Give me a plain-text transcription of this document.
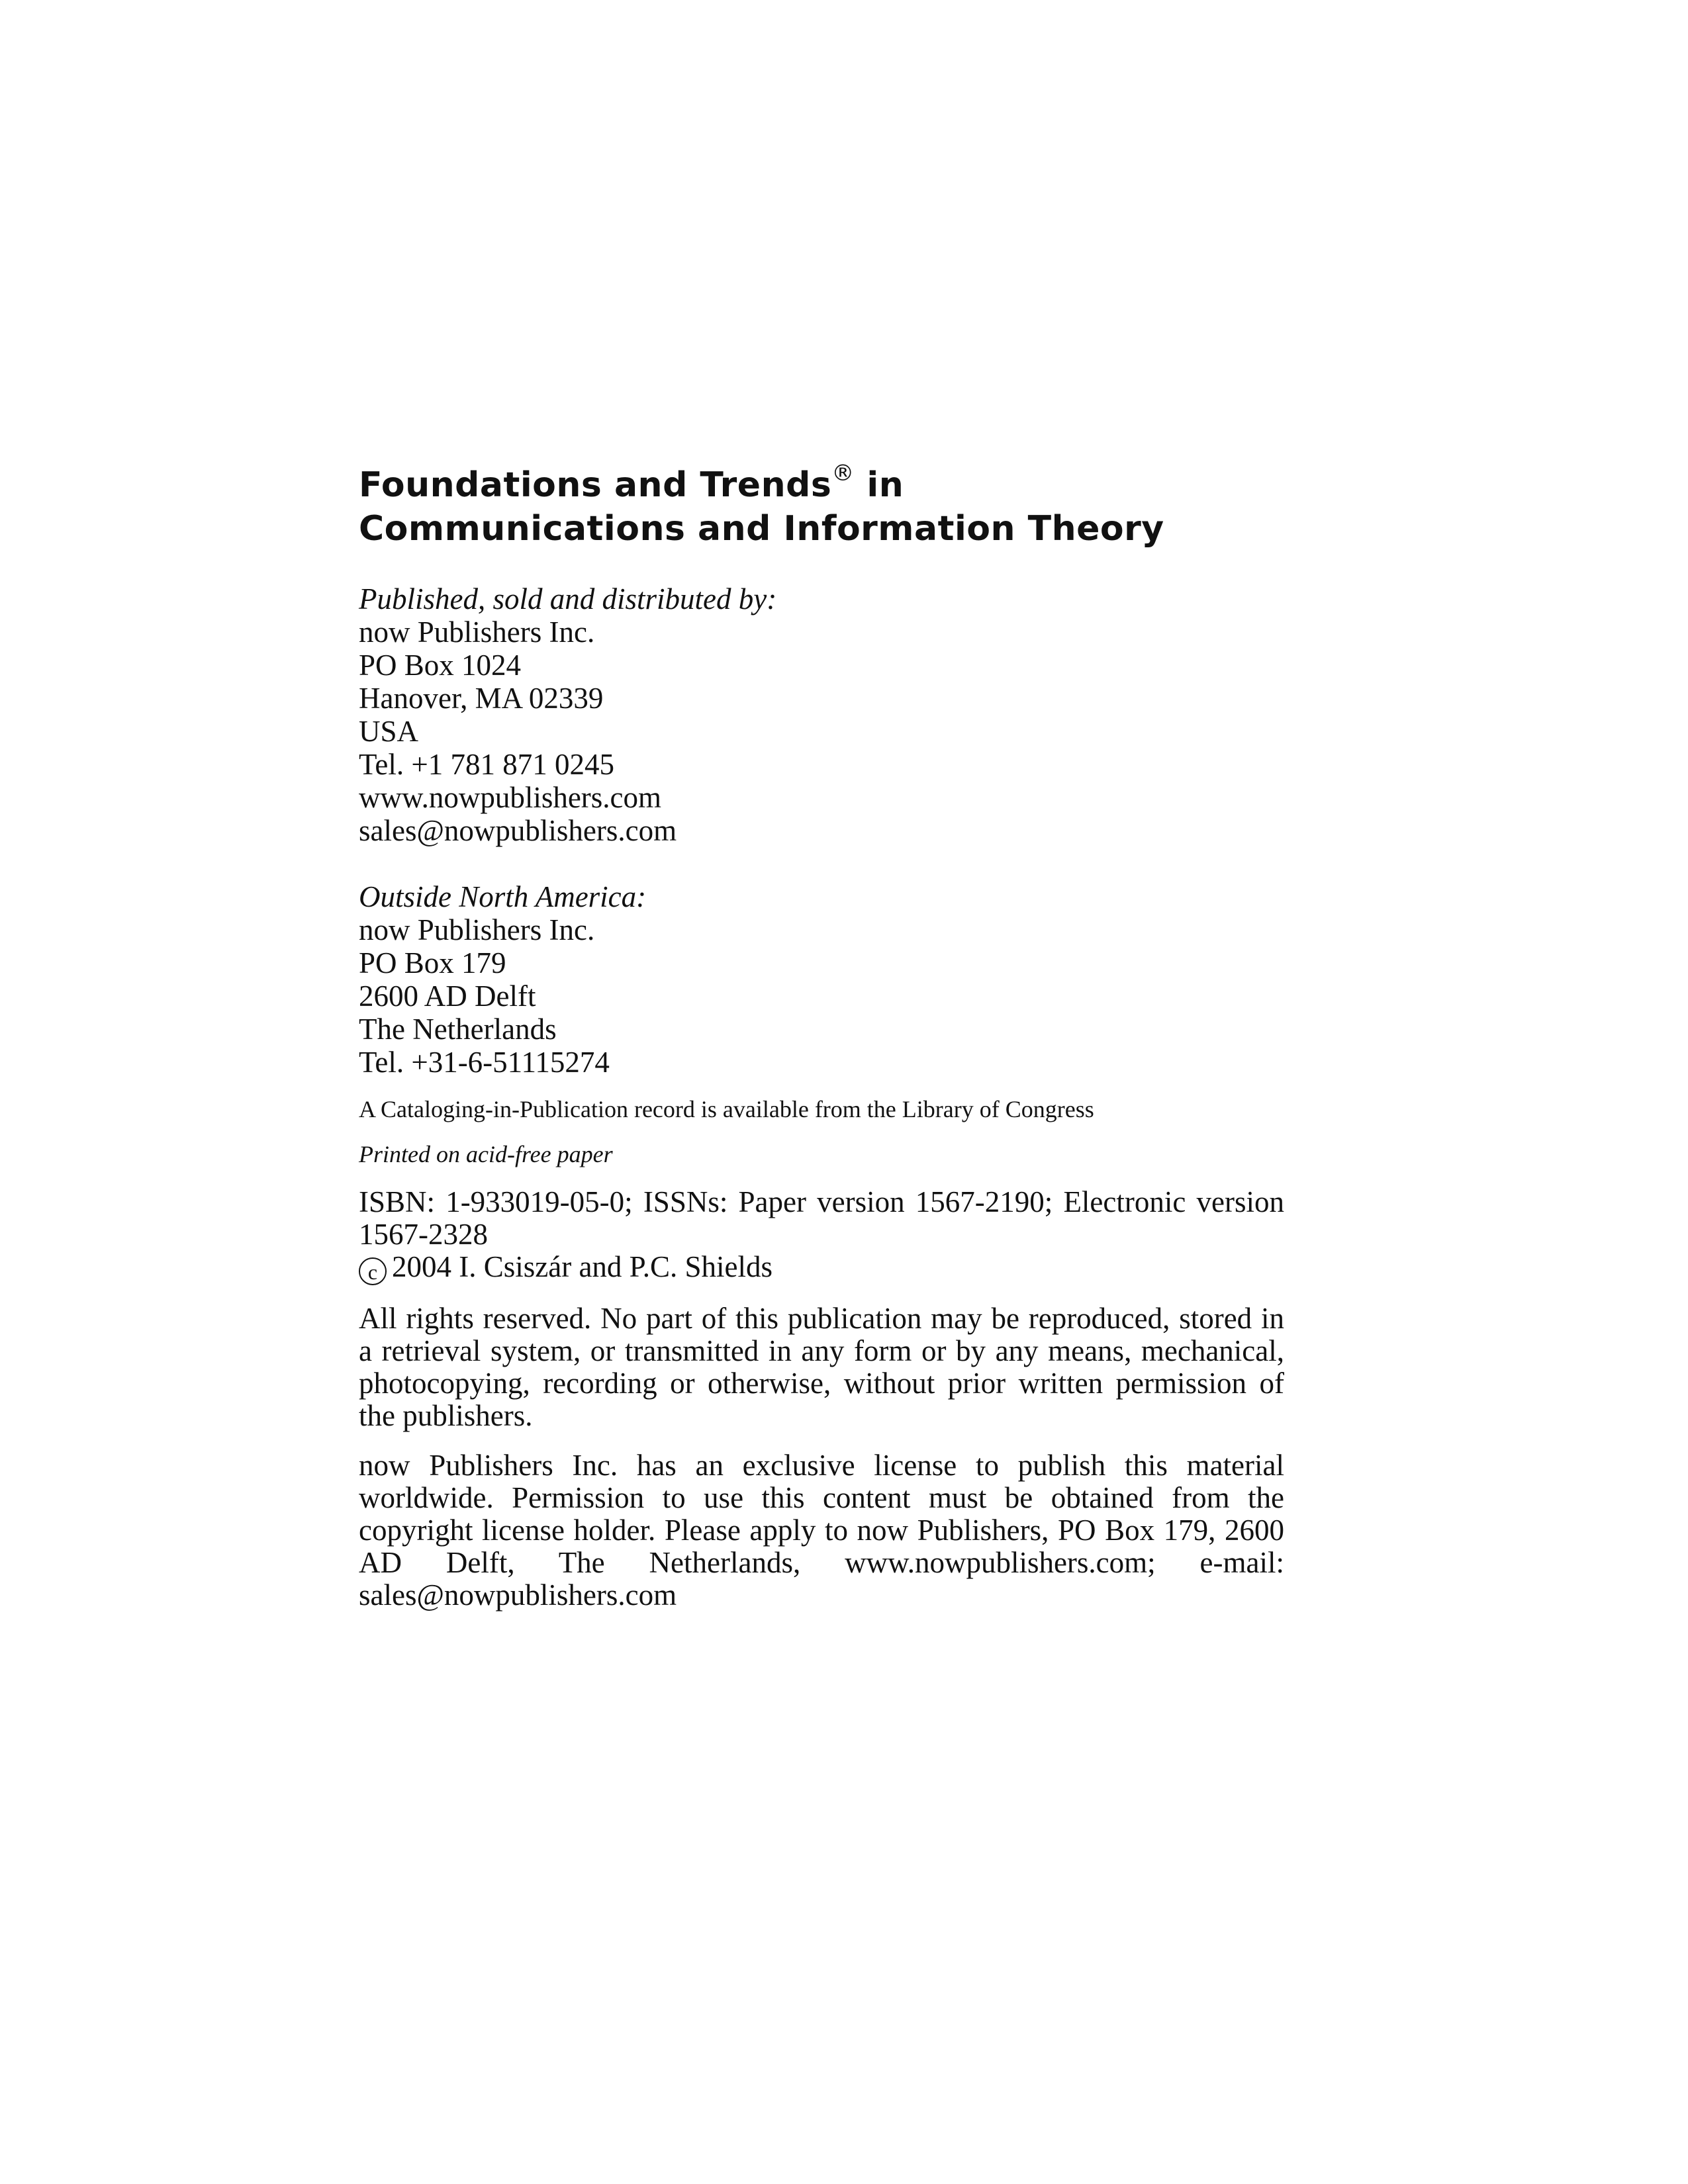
Foundations and Trends® in
Communications and Information Theory
Published, sold and distributed by:
now Publishers Inc.
PO Box 1024
Hanover, MA 02339
USA
Tel. +1 781 871 0245
www.nowpublishers.com
sales@nowpublishers.com
Outside North America:
now Publishers Inc.
PO Box 179
2600 AD Delft
The Netherlands
Tel. +31-6-51115274
A Cataloging-in-Publication record is available from the Library of Congress
Printed on acid-free paper
ISBN: 1-933019-05-0; ISSNs: Paper version 1567-2190; Electronic version 1567-2328
c 2004 I. Csiszár and P.C. Shields
All rights reserved. No part of this publication may be reproduced, stored in a retrieval system, or transmitted in any form or by any means, mechanical, photocopying, recording or otherwise, without prior written permission of the publishers.
now Publishers Inc. has an exclusive license to publish this material worldwide. Permission to use this content must be obtained from the copyright license holder. Please apply to now Publishers, PO Box 179, 2600 AD Delft, The Netherlands, www.nowpublishers.com; e-mail: sales@nowpublishers.com
